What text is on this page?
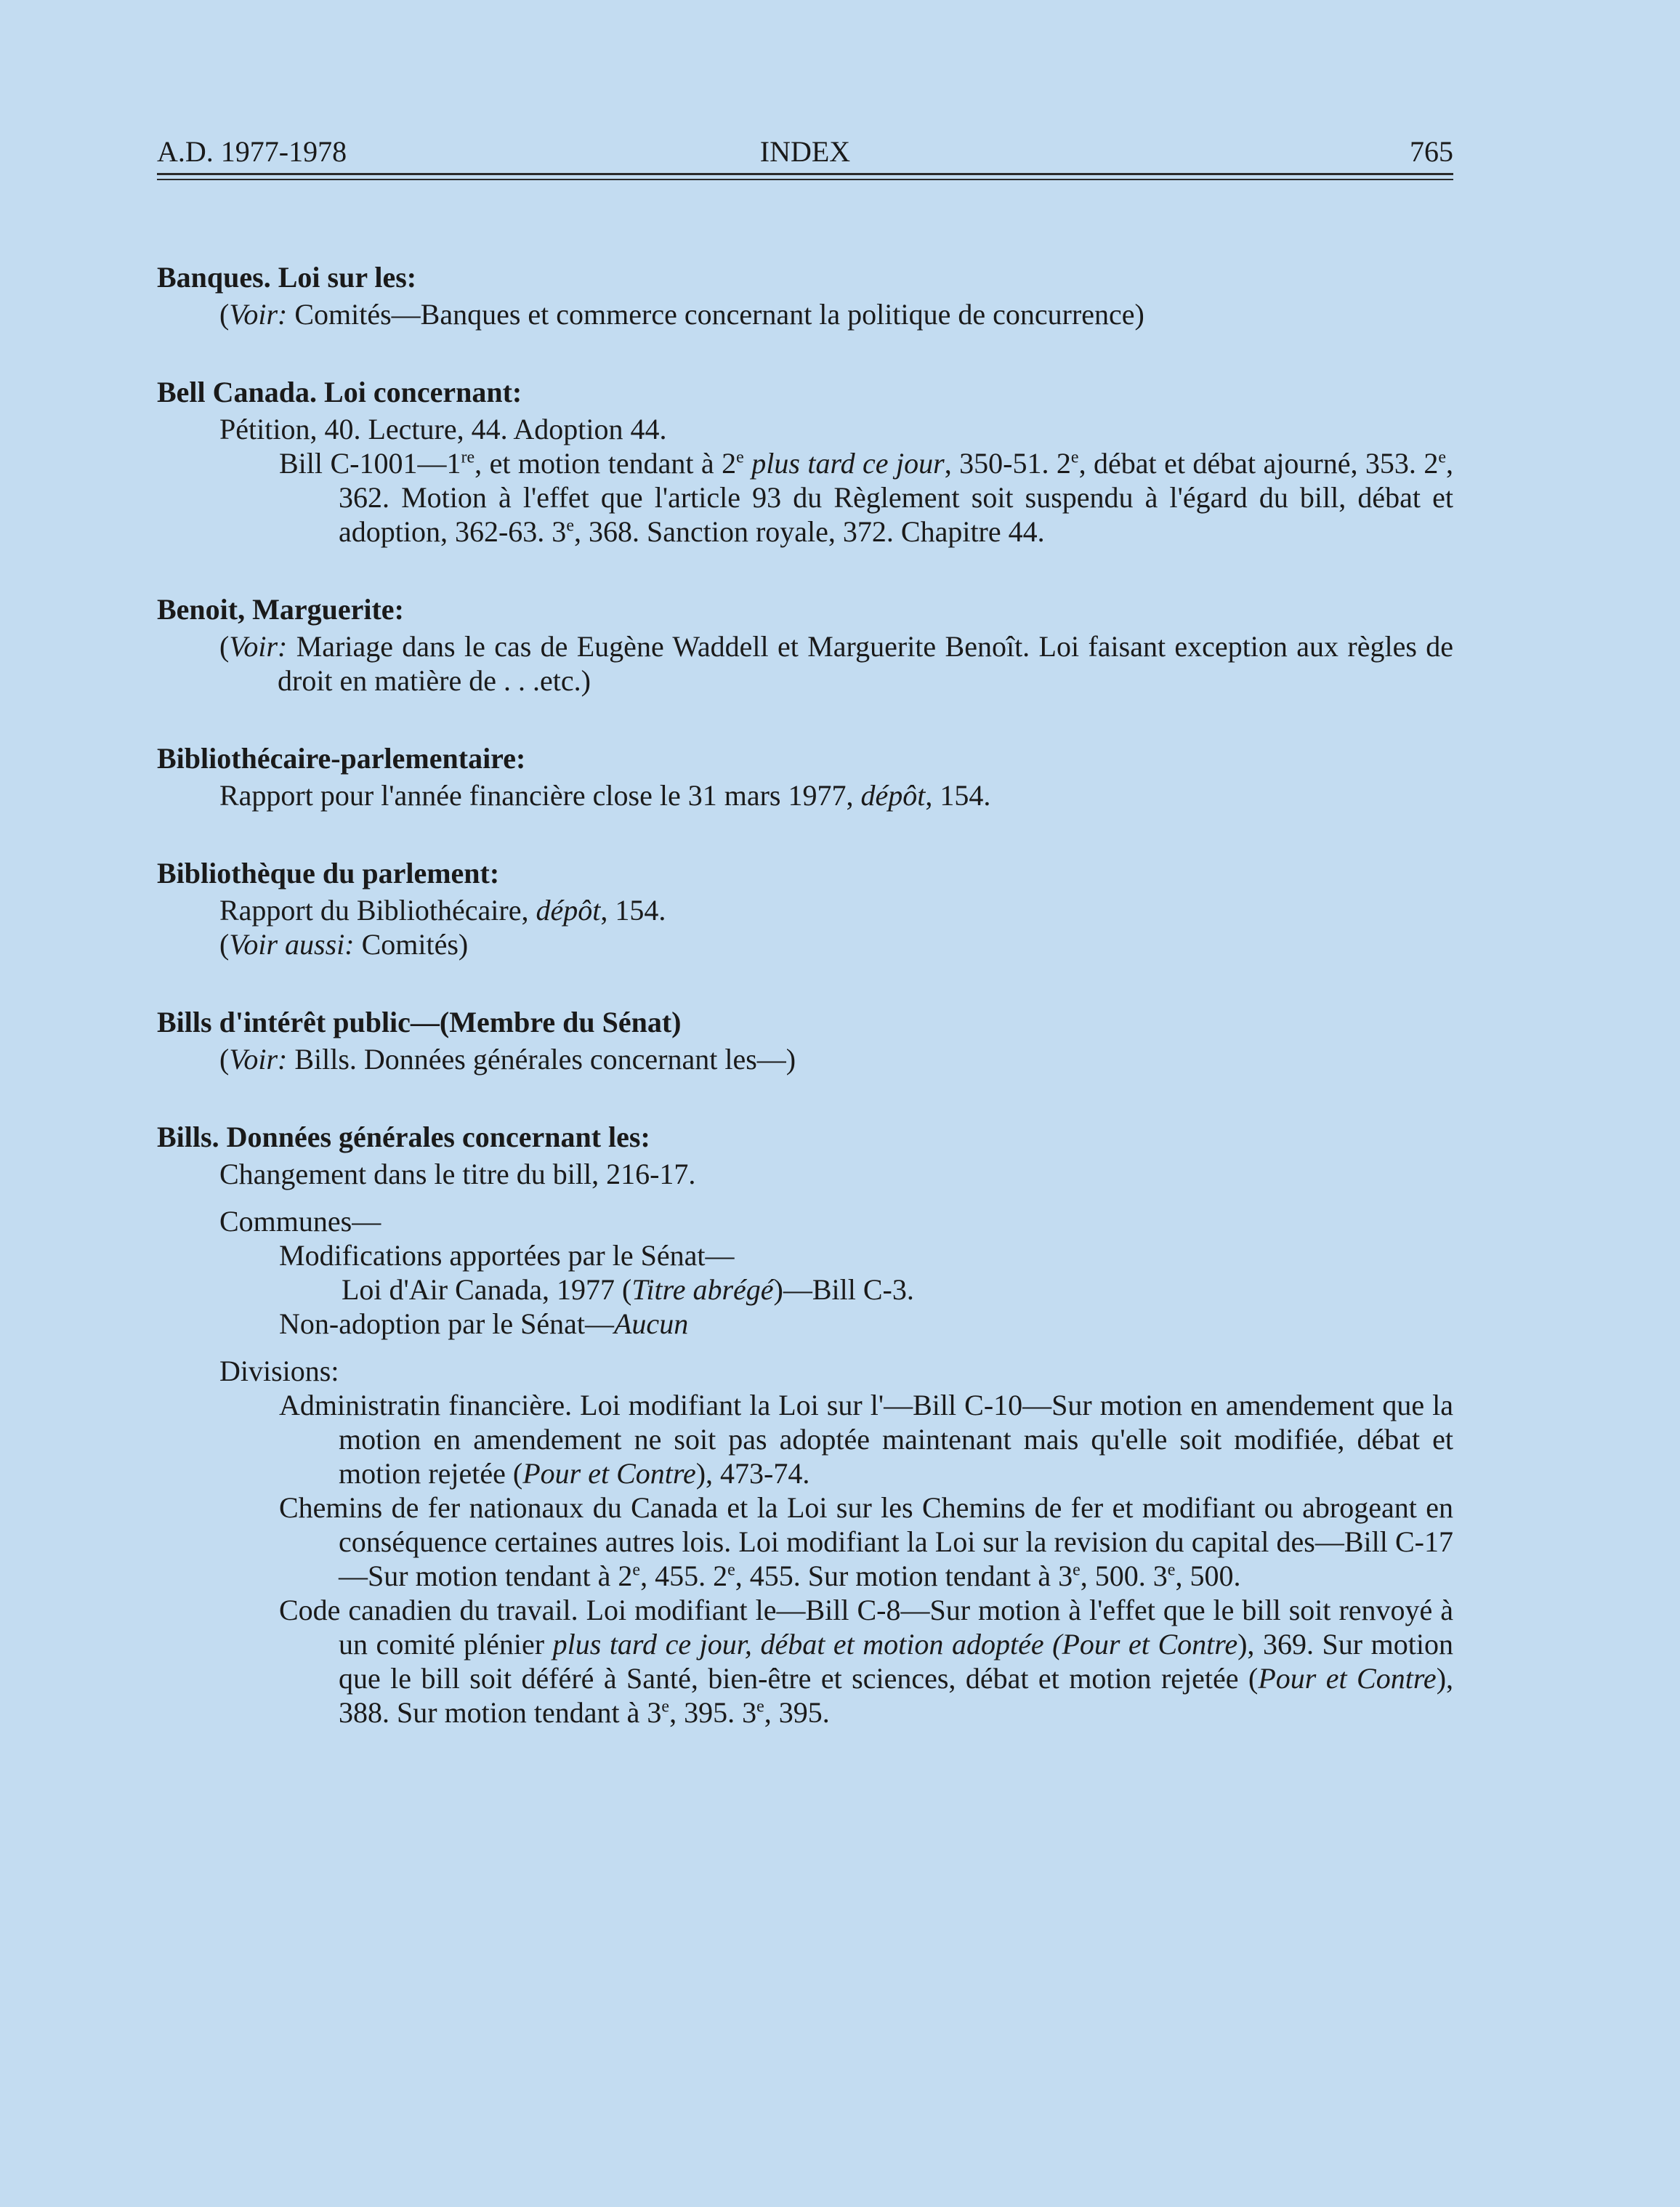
A.D. 1977-1978	INDEX	765
Banques. Loi sur les:
(Voir: Comités—Banques et commerce concernant la politique de concurrence)
Bell Canada. Loi concernant:
Pétition, 40. Lecture, 44. Adoption 44.
Bill C-1001—1re, et motion tendant à 2e plus tard ce jour, 350-51. 2e, débat et débat ajourné, 353. 2e, 362. Motion à l'effet que l'article 93 du Règlement soit suspendu à l'égard du bill, débat et adoption, 362-63. 3e, 368. Sanction royale, 372. Chapitre 44.
Benoit, Marguerite:
(Voir: Mariage dans le cas de Eugène Waddell et Marguerite Benoît. Loi faisant exception aux règles de droit en matière de . . .etc.)
Bibliothécaire-parlementaire:
Rapport pour l'année financière close le 31 mars 1977, dépôt, 154.
Bibliothèque du parlement:
Rapport du Bibliothécaire, dépôt, 154.
(Voir aussi: Comités)
Bills d'intérêt public—(Membre du Sénat)
(Voir: Bills. Données générales concernant les—)
Bills. Données générales concernant les:
Changement dans le titre du bill, 216-17.
Communes—
Modifications apportées par le Sénat—
Loi d'Air Canada, 1977 (Titre abrégé)—Bill C-3.
Non-adoption par le Sénat—Aucun
Divisions:
Administratin financière. Loi modifiant la Loi sur l'—Bill C-10—Sur motion en amendement que la motion en amendement ne soit pas adoptée maintenant mais qu'elle soit modifiée, débat et motion rejetée (Pour et Contre), 473-74.
Chemins de fer nationaux du Canada et la Loi sur les Chemins de fer et modifiant ou abrogeant en conséquence certaines autres lois. Loi modifiant la Loi sur la revision du capital des—Bill C-17—Sur motion tendant à 2e, 455. 2e, 455. Sur motion tendant à 3e, 500. 3e, 500.
Code canadien du travail. Loi modifiant le—Bill C-8—Sur motion à l'effet que le bill soit renvoyé à un comité plénier plus tard ce jour, débat et motion adoptée (Pour et Contre), 369. Sur motion que le bill soit déféré à Santé, bien-être et sciences, débat et motion rejetée (Pour et Contre), 388. Sur motion tendant à 3e, 395. 3e, 395.
